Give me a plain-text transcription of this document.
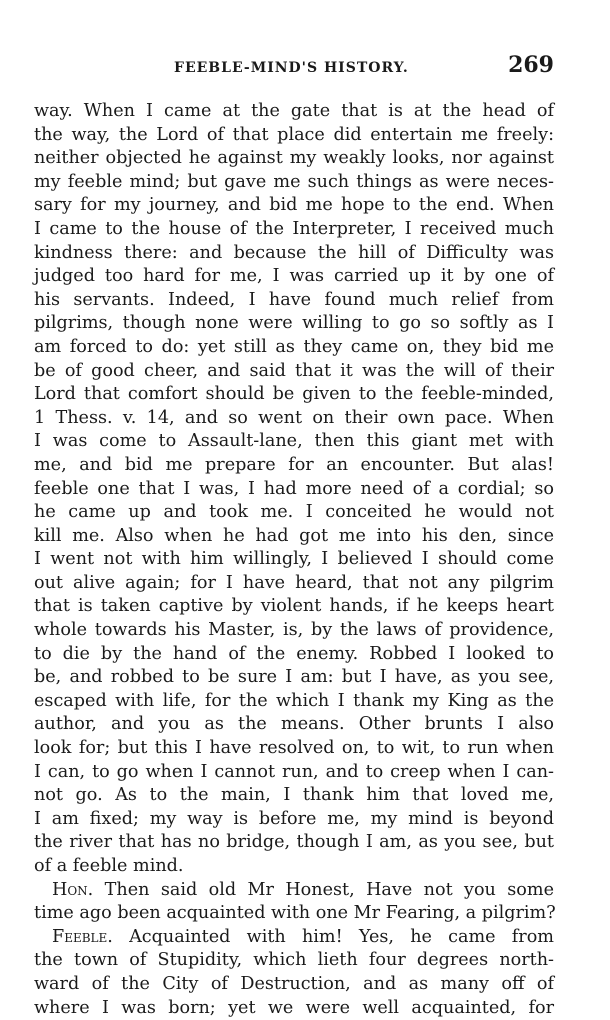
FEEBLE-MIND'S HISTORY.	269
way. When I came at the gate that is at the head of
the way, the Lord of that place did entertain me freely:
neither objected he against my weakly looks, nor against
my feeble mind; but gave me such things as were neces-
sary for my journey, and bid me hope to the end. When
I came to the house of the Interpreter, I received much
kindness there: and because the hill of Difficulty was
judged too hard for me, I was carried up it by one of
his servants. Indeed, I have found much relief from
pilgrims, though none were willing to go so softly as I
am forced to do: yet still as they came on, they bid me
be of good cheer, and said that it was the will of their
Lord that comfort should be given to the feeble-minded,
1 Thess. v. 14, and so went on their own pace. When
I was come to Assault-lane, then this giant met with
me, and bid me prepare for an encounter. But alas!
feeble one that I was, I had more need of a cordial; so
he came up and took me. I conceited he would not
kill me. Also when he had got me into his den, since
I went not with him willingly, I believed I should come
out alive again; for I have heard, that not any pilgrim
that is taken captive by violent hands, if he keeps heart
whole towards his Master, is, by the laws of providence,
to die by the hand of the enemy. Robbed I looked to
be, and robbed to be sure I am: but I have, as you see,
escaped with life, for the which I thank my King as the
author, and you as the means. Other brunts I also
look for; but this I have resolved on, to wit, to run when
I can, to go when I cannot run, and to creep when I can-
not go. As to the main, I thank him that loved me,
I am fixed; my way is before me, my mind is beyond
the river that has no bridge, though I am, as you see, but
of a feeble mind.
Hon. Then said old Mr Honest, Have not you some
time ago been acquainted with one Mr Fearing, a pilgrim?
Feeble. Acquainted with him! Yes, he came from
the town of Stupidity, which lieth four degrees north-
ward of the City of Destruction, and as many off of
where I was born; yet we were well acquainted, for
